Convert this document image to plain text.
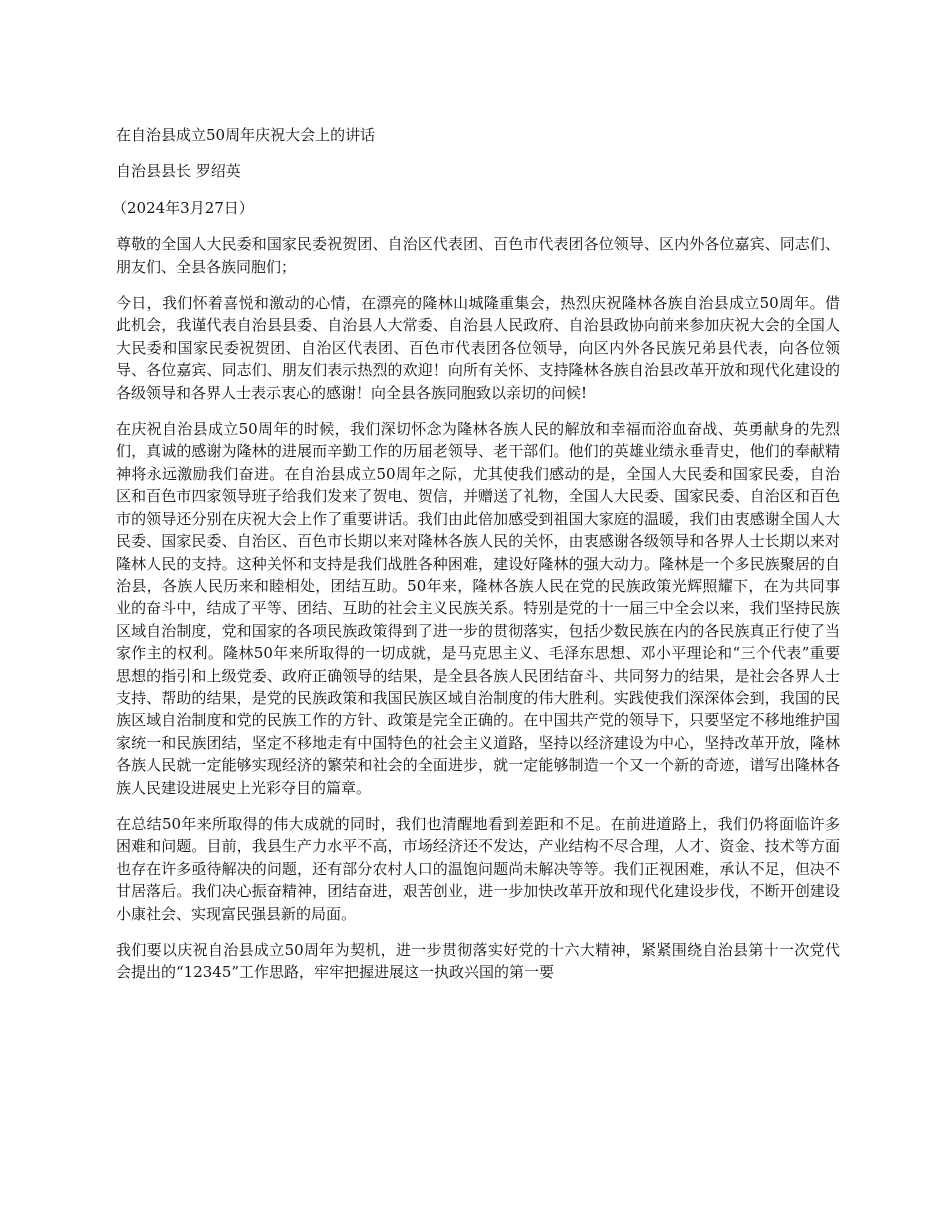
在自治县成立50周年庆祝大会上的讲话

自治县县长 罗绍英

（2024年3月27日）

尊敬的全国人大民委和国家民委祝贺团、自治区代表团、百色市代表团各位领导、区内外各位嘉宾、同志们、朋友们、全县各族同胞们；

今日，我们怀着喜悦和激动的心情，在漂亮的隆林山城隆重集会，热烈庆祝隆林各族自治县成立50周年。借此机会，我谨代表自治县县委、自治县人大常委、自治县人民政府、自治县政协向前来参加庆祝大会的全国人大民委和国家民委祝贺团、自治区代表团、百色市代表团各位领导，向区内外各民族兄弟县代表，向各位领导、各位嘉宾、同志们、朋友们表示热烈的欢迎！向所有关怀、支持隆林各族自治县改革开放和现代化建设的各级领导和各界人士表示衷心的感谢！向全县各族同胞致以亲切的问候!

在庆祝自治县成立50周年的时候，我们深切怀念为隆林各族人民的解放和幸福而浴血奋战、英勇献身的先烈们，真诚的感谢为隆林的进展而辛勤工作的历届老领导、老干部们。他们的英雄业绩永垂青史，他们的奉献精神将永远激励我们奋进。在自治县成立50周年之际，尤其使我们感动的是，全国人大民委和国家民委，自治区和百色市四家领导班子给我们发来了贺电、贺信，并赠送了礼物，全国人大民委、国家民委、自治区和百色市的领导还分别在庆祝大会上作了重要讲话。我们由此倍加感受到祖国大家庭的温暖，我们由衷感谢全国人大民委、国家民委、自治区、百色市长期以来对隆林各族人民的关怀，由衷感谢各级领导和各界人士长期以来对隆林人民的支持。这种关怀和支持是我们战胜各种困难，建设好隆林的强大动力。隆林是一个多民族聚居的自治县，各族人民历来和睦相处，团结互助。50年来，隆林各族人民在党的民族政策光辉照耀下，在为共同事业的奋斗中，结成了平等、团结、互助的社会主义民族关系。特别是党的十一届三中全会以来，我们坚持民族区域自治制度，党和国家的各项民族政策得到了进一步的贯彻落实，包括少数民族在内的各民族真正行使了当家作主的权利。隆林50年来所取得的一切成就，是马克思主义、毛泽东思想、邓小平理论和“三个代表”重要思想的指引和上级党委、政府正确领导的结果，是全县各族人民团结奋斗、共同努力的结果，是社会各界人士支持、帮助的结果，是党的民族政策和我国民族区域自治制度的伟大胜利。实践使我们深深体会到，我国的民族区域自治制度和党的民族工作的方针、政策是完全正确的。在中国共产党的领导下，只要坚定不移地维护国家统一和民族团结，坚定不移地走有中国特色的社会主义道路，坚持以经济建设为中心，坚持改革开放，隆林各族人民就一定能够实现经济的繁荣和社会的全面进步，就一定能够制造一个又一个新的奇迹，谱写出隆林各族人民建设进展史上光彩夺目的篇章。

在总结50年来所取得的伟大成就的同时，我们也清醒地看到差距和不足。在前进道路上，我们仍将面临许多困难和问题。目前，我县生产力水平不高，市场经济还不发达，产业结构不尽合理，人才、资金、技术等方面也存在许多亟待解决的问题，还有部分农村人口的温饱问题尚未解决等等。我们正视困难，承认不足，但决不甘居落后。我们决心振奋精神，团结奋进，艰苦创业，进一步加快改革开放和现代化建设步伐，不断开创建设小康社会、实现富民强县新的局面。

我们要以庆祝自治县成立50周年为契机，进一步贯彻落实好党的十六大精神，紧紧围绕自治县第十一次党代会提出的“12345”工作思路，牢牢把握进展这一执政兴国的第一要
